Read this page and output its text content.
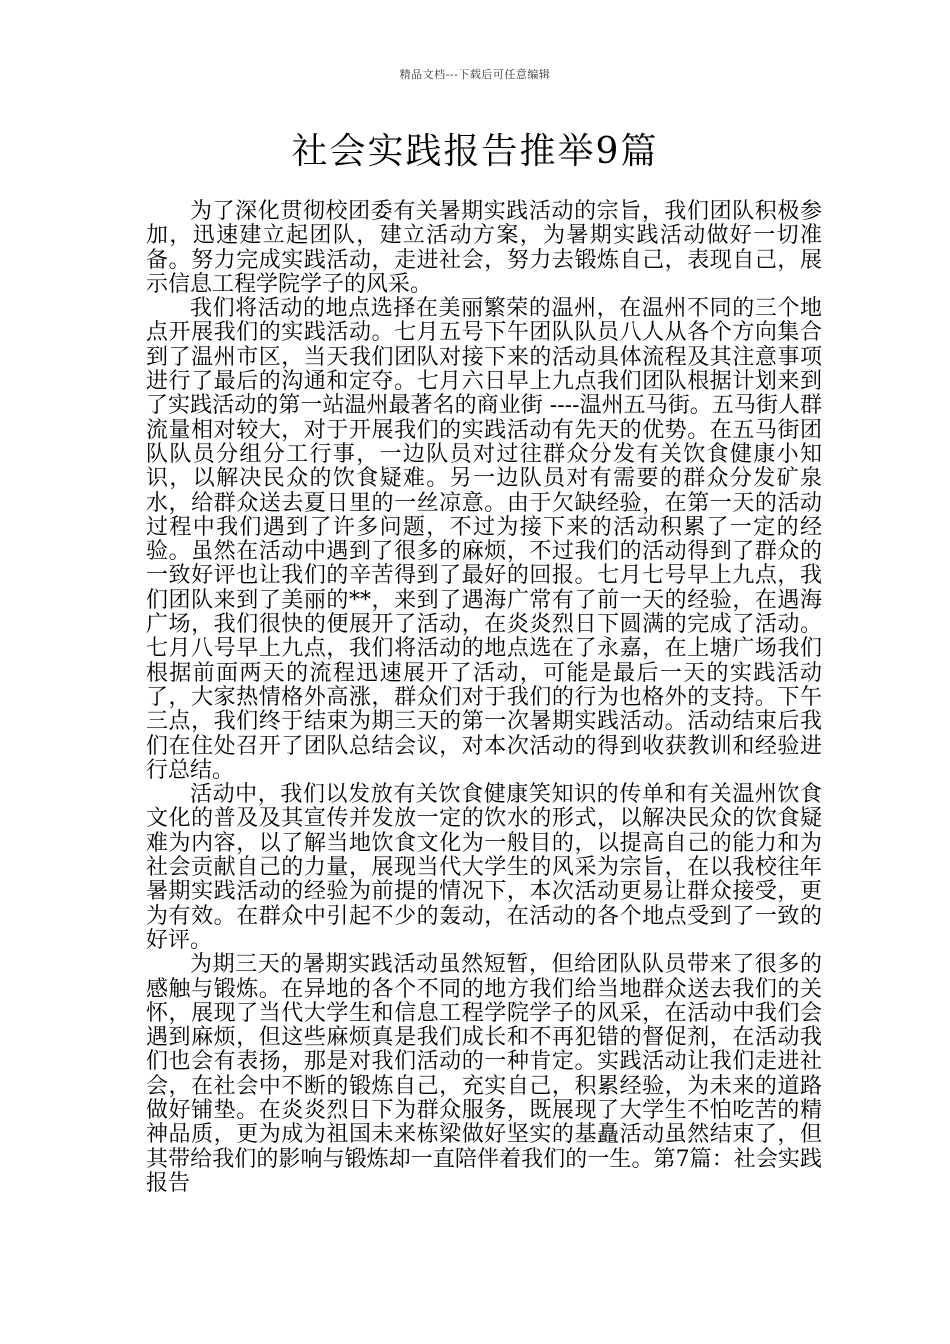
精品文档---下载后可任意编辑
社会实践报告推举9篇

为了深化贯彻校团委有关暑期实践活动的宗旨，我们团队积极参加，迅速建立起团队，建立活动方案，为暑期实践活动做好一切准备。努力完成实践活动，走进社会，努力去锻炼自己，表现自己，展示信息工程学院学子的风采。

我们将活动的地点选择在美丽繁荣的温州，在温州不同的三个地点开展我们的实践活动。七月五号下午团队队员八人从各个方向集合到了温州市区，当天我们团队对接下来的活动具体流程及其注意事项进行了最后的沟通和定夺。七月六日早上九点我们团队根据计划来到了实践活动的第一站温州最著名的商业街 ----温州五马街。五马街人群流量相对较大，对于开展我们的实践活动有先天的优势。在五马街团队队员分组分工行事，一边队员对过往群众分发有关饮食健康小知识，以解决民众的饮食疑难。另一边队员对有需要的群众分发矿泉水，给群众送去夏日里的一丝凉意。由于欠缺经验，在第一天的活动过程中我们遇到了许多问题，不过为接下来的活动积累了一定的经验。虽然在活动中遇到了很多的麻烦，不过我们的活动得到了群众的一致好评也让我们的辛苦得到了最好的回报。七月七号早上九点，我们团队来到了美丽的**，来到了遇海广常有了前一天的经验，在遇海广场，我们很快的便展开了活动，在炎炎烈日下圆满的完成了活动。七月八号早上九点，我们将活动的地点选在了永嘉，在上塘广场我们根据前面两天的流程迅速展开了活动，可能是最后一天的实践活动了，大家热情格外高涨，群众们对于我们的行为也格外的支持。下午三点，我们终于结束为期三天的第一次暑期实践活动。活动结束后我们在住处召开了团队总结会议，对本次活动的得到收获教训和经验进行总结。

活动中，我们以发放有关饮食健康笑知识的传单和有关温州饮食文化的普及及其宣传并发放一定的饮水的形式，以解决民众的饮食疑难为内容，以了解当地饮食文化为一般目的，以提高自己的能力和为社会贡献自己的力量，展现当代大学生的风采为宗旨，在以我校往年暑期实践活动的经验为前提的情况下，本次活动更易让群众接受，更为有效。在群众中引起不少的轰动，在活动的各个地点受到了一致的好评。

为期三天的暑期实践活动虽然短暂，但给团队队员带来了很多的感触与锻炼。在异地的各个不同的地方我们给当地群众送去我们的关怀，展现了当代大学生和信息工程学院学子的风采，在活动中我们会遇到麻烦，但这些麻烦真是我们成长和不再犯错的督促剂，在活动我们也会有表扬，那是对我们活动的一种肯定。实践活动让我们走进社会，在社会中不断的锻炼自己，充实自己，积累经验，为未来的道路做好铺垫。在炎炎烈日下为群众服务，既展现了大学生不怕吃苦的精神品质，更为成为祖国未来栋梁做好坚实的基矗活动虽然结束了，但其带给我们的影响与锻炼却一直陪伴着我们的一生。第7篇：社会实践报告
